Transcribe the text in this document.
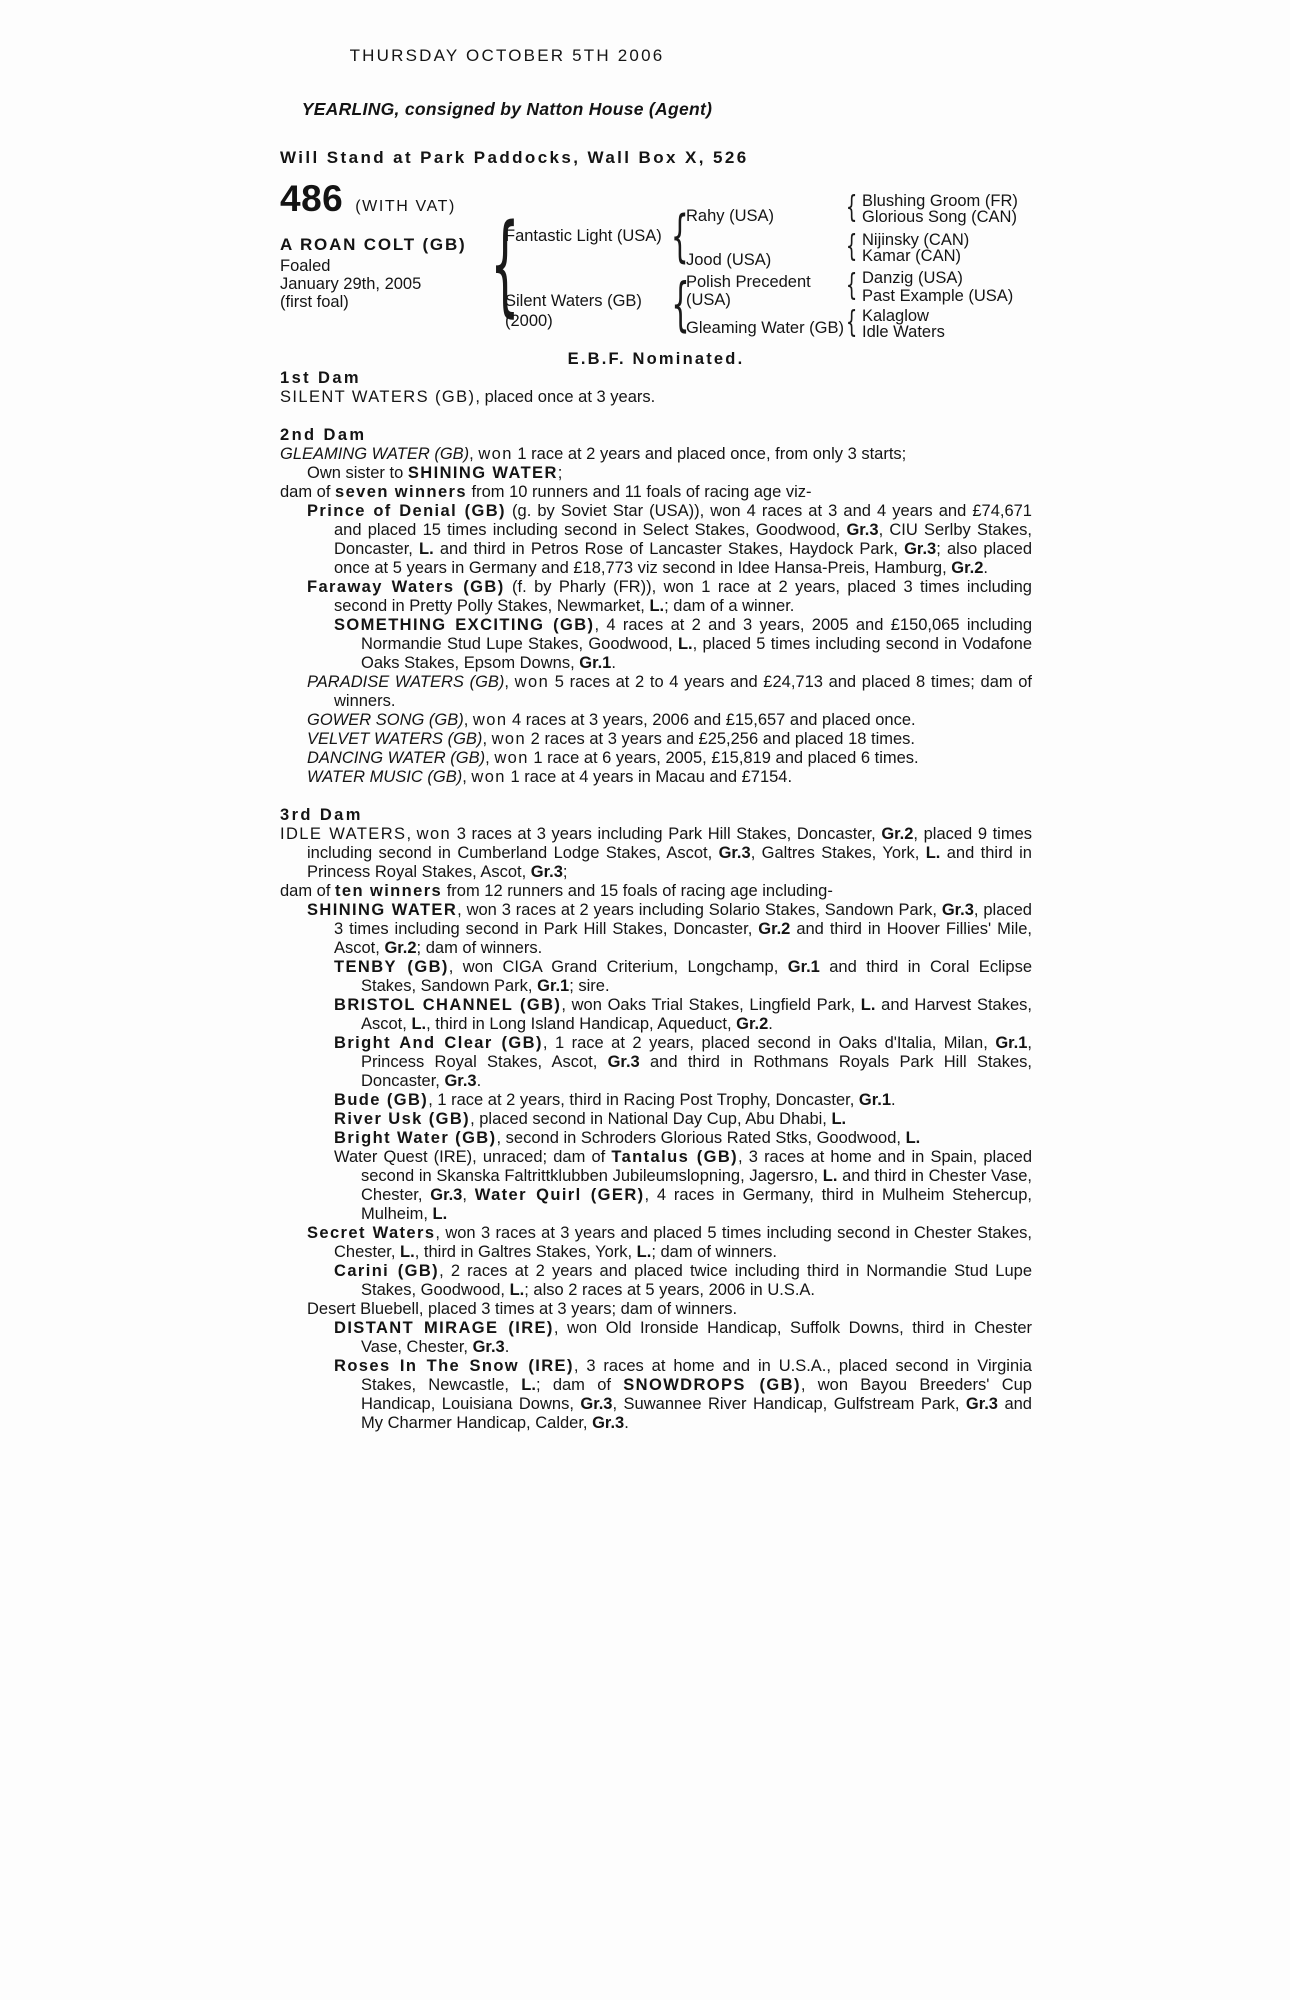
THURSDAY OCTOBER 5TH 2006
YEARLING, consigned by Natton House (Agent)
Will Stand at Park Paddocks, Wall Box X, 526
486 (WITH VAT)
A ROAN COLT (GB)
Foaled
January 29th, 2005
(first foal) {	{
{
{
{
{
{
Fantastic Light (USA)
Silent Waters (GB)
(2000)
Rahy (USA)
Jood (USA)
Polish Precedent
(USA)
Gleaming Water (GB)
Blushing Groom (FR)
Glorious Song (CAN)
Nijinsky (CAN)
Kamar (CAN)
Danzig (USA)
Past Example (USA)
Kalaglow
Idle Waters
E.B.F. Nominated.
1st Dam
SILENT WATERS (GB), placed once at 3 years.
2nd Dam
GLEAMING WATER (GB), won 1 race at 2 years and placed once, from only 3 starts;
Own sister to SHINING WATER;
dam of seven winners from 10 runners and 11 foals of racing age viz-
Prince of Denial (GB) (g. by Soviet Star (USA)), won 4 races at 3 and 4 years and £74,671 and placed 15 times including second in Select Stakes, Goodwood, Gr.3, CIU Serlby Stakes, Doncaster, L. and third in Petros Rose of Lancaster Stakes, Haydock Park, Gr.3; also placed once at 5 years in Germany and £18,773 viz second in Idee Hansa-Preis, Hamburg, Gr.2.
Faraway Waters (GB) (f. by Pharly (FR)), won 1 race at 2 years, placed 3 times including second in Pretty Polly Stakes, Newmarket, L.; dam of a winner.
SOMETHING EXCITING (GB), 4 races at 2 and 3 years, 2005 and £150,065 including Normandie Stud Lupe Stakes, Goodwood, L., placed 5 times including second in Vodafone Oaks Stakes, Epsom Downs, Gr.1.
PARADISE WATERS (GB), won 5 races at 2 to 4 years and £24,713 and placed 8 times; dam of winners.
GOWER SONG (GB), won 4 races at 3 years, 2006 and £15,657 and placed once.
VELVET WATERS (GB), won 2 races at 3 years and £25,256 and placed 18 times.
DANCING WATER (GB), won 1 race at 6 years, 2005, £15,819 and placed 6 times.
WATER MUSIC (GB), won 1 race at 4 years in Macau and £7154.
3rd Dam
IDLE WATERS, won 3 races at 3 years including Park Hill Stakes, Doncaster, Gr.2, placed 9 times including second in Cumberland Lodge Stakes, Ascot, Gr.3, Galtres Stakes, York, L. and third in Princess Royal Stakes, Ascot, Gr.3;
dam of ten winners from 12 runners and 15 foals of racing age including-
SHINING WATER, won 3 races at 2 years including Solario Stakes, Sandown Park, Gr.3, placed 3 times including second in Park Hill Stakes, Doncaster, Gr.2 and third in Hoover Fillies' Mile, Ascot, Gr.2; dam of winners.
TENBY (GB), won CIGA Grand Criterium, Longchamp, Gr.1 and third in Coral Eclipse Stakes, Sandown Park, Gr.1; sire.
BRISTOL CHANNEL (GB), won Oaks Trial Stakes, Lingfield Park, L. and Harvest Stakes, Ascot, L., third in Long Island Handicap, Aqueduct, Gr.2.
Bright And Clear (GB), 1 race at 2 years, placed second in Oaks d'Italia, Milan, Gr.1, Princess Royal Stakes, Ascot, Gr.3 and third in Rothmans Royals Park Hill Stakes, Doncaster, Gr.3.
Bude (GB), 1 race at 2 years, third in Racing Post Trophy, Doncaster, Gr.1.
River Usk (GB), placed second in National Day Cup, Abu Dhabi, L.
Bright Water (GB), second in Schroders Glorious Rated Stks, Goodwood, L.
Water Quest (IRE), unraced; dam of Tantalus (GB), 3 races at home and in Spain, placed second in Skanska Faltrittklubben Jubileumslopning, Jagersro, L. and third in Chester Vase, Chester, Gr.3, Water Quirl (GER), 4 races in Germany, third in Mulheim Stehercup, Mulheim, L.
Secret Waters, won 3 races at 3 years and placed 5 times including second in Chester Stakes, Chester, L., third in Galtres Stakes, York, L.; dam of winners.
Carini (GB), 2 races at 2 years and placed twice including third in Normandie Stud Lupe Stakes, Goodwood, L.; also 2 races at 5 years, 2006 in U.S.A.
Desert Bluebell, placed 3 times at 3 years; dam of winners.
DISTANT MIRAGE (IRE), won Old Ironside Handicap, Suffolk Downs, third in Chester Vase, Chester, Gr.3.
Roses In The Snow (IRE), 3 races at home and in U.S.A., placed second in Virginia Stakes, Newcastle, L.; dam of SNOWDROPS (GB), won Bayou Breeders' Cup Handicap, Louisiana Downs, Gr.3, Suwannee River Handicap, Gulfstream Park, Gr.3 and My Charmer Handicap, Calder, Gr.3.
